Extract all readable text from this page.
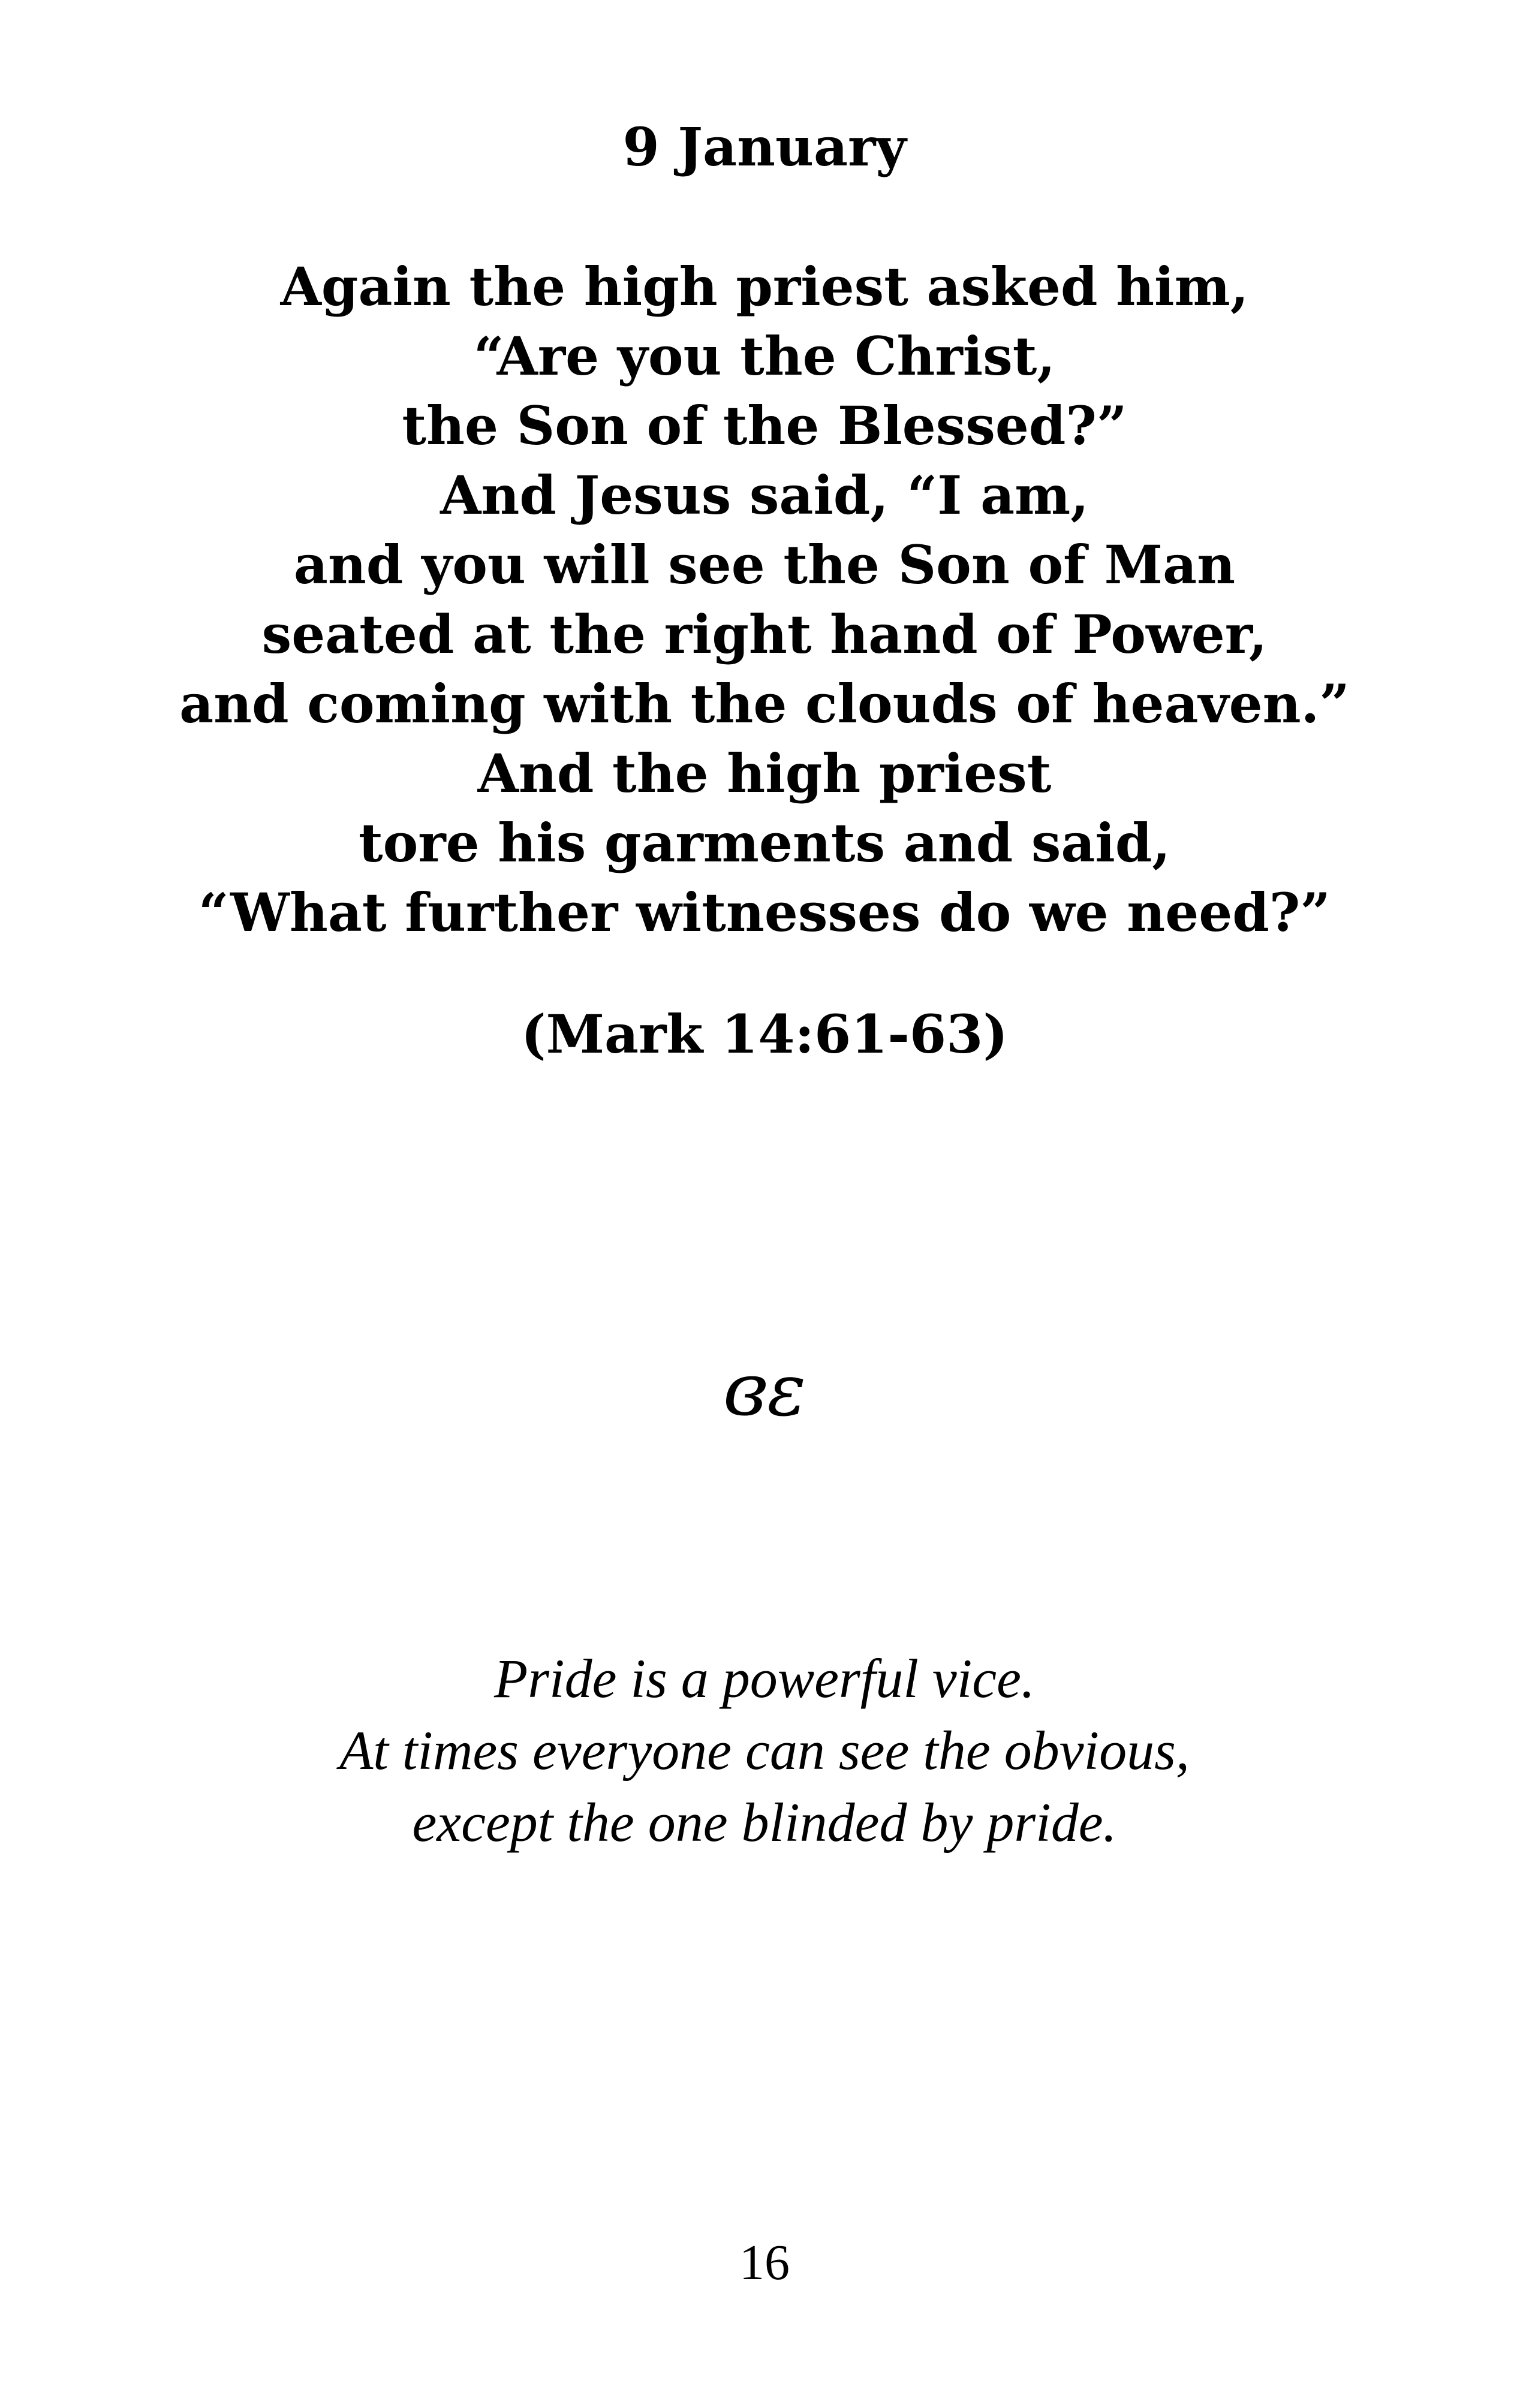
9 January
Again the high priest asked him,
“Are you the Christ,
the Son of the Blessed?”
And Jesus said, “I am,
and you will see the Son of Man
seated at the right hand of Power,
and coming with the clouds of heaven.”
And the high priest
tore his garments and said,
“What further witnesses do we need?”
(Mark 14:61-63)
ɞɛ
Pride is a powerful vice.
At times everyone can see the obvious,
except the one blinded by pride.
16
